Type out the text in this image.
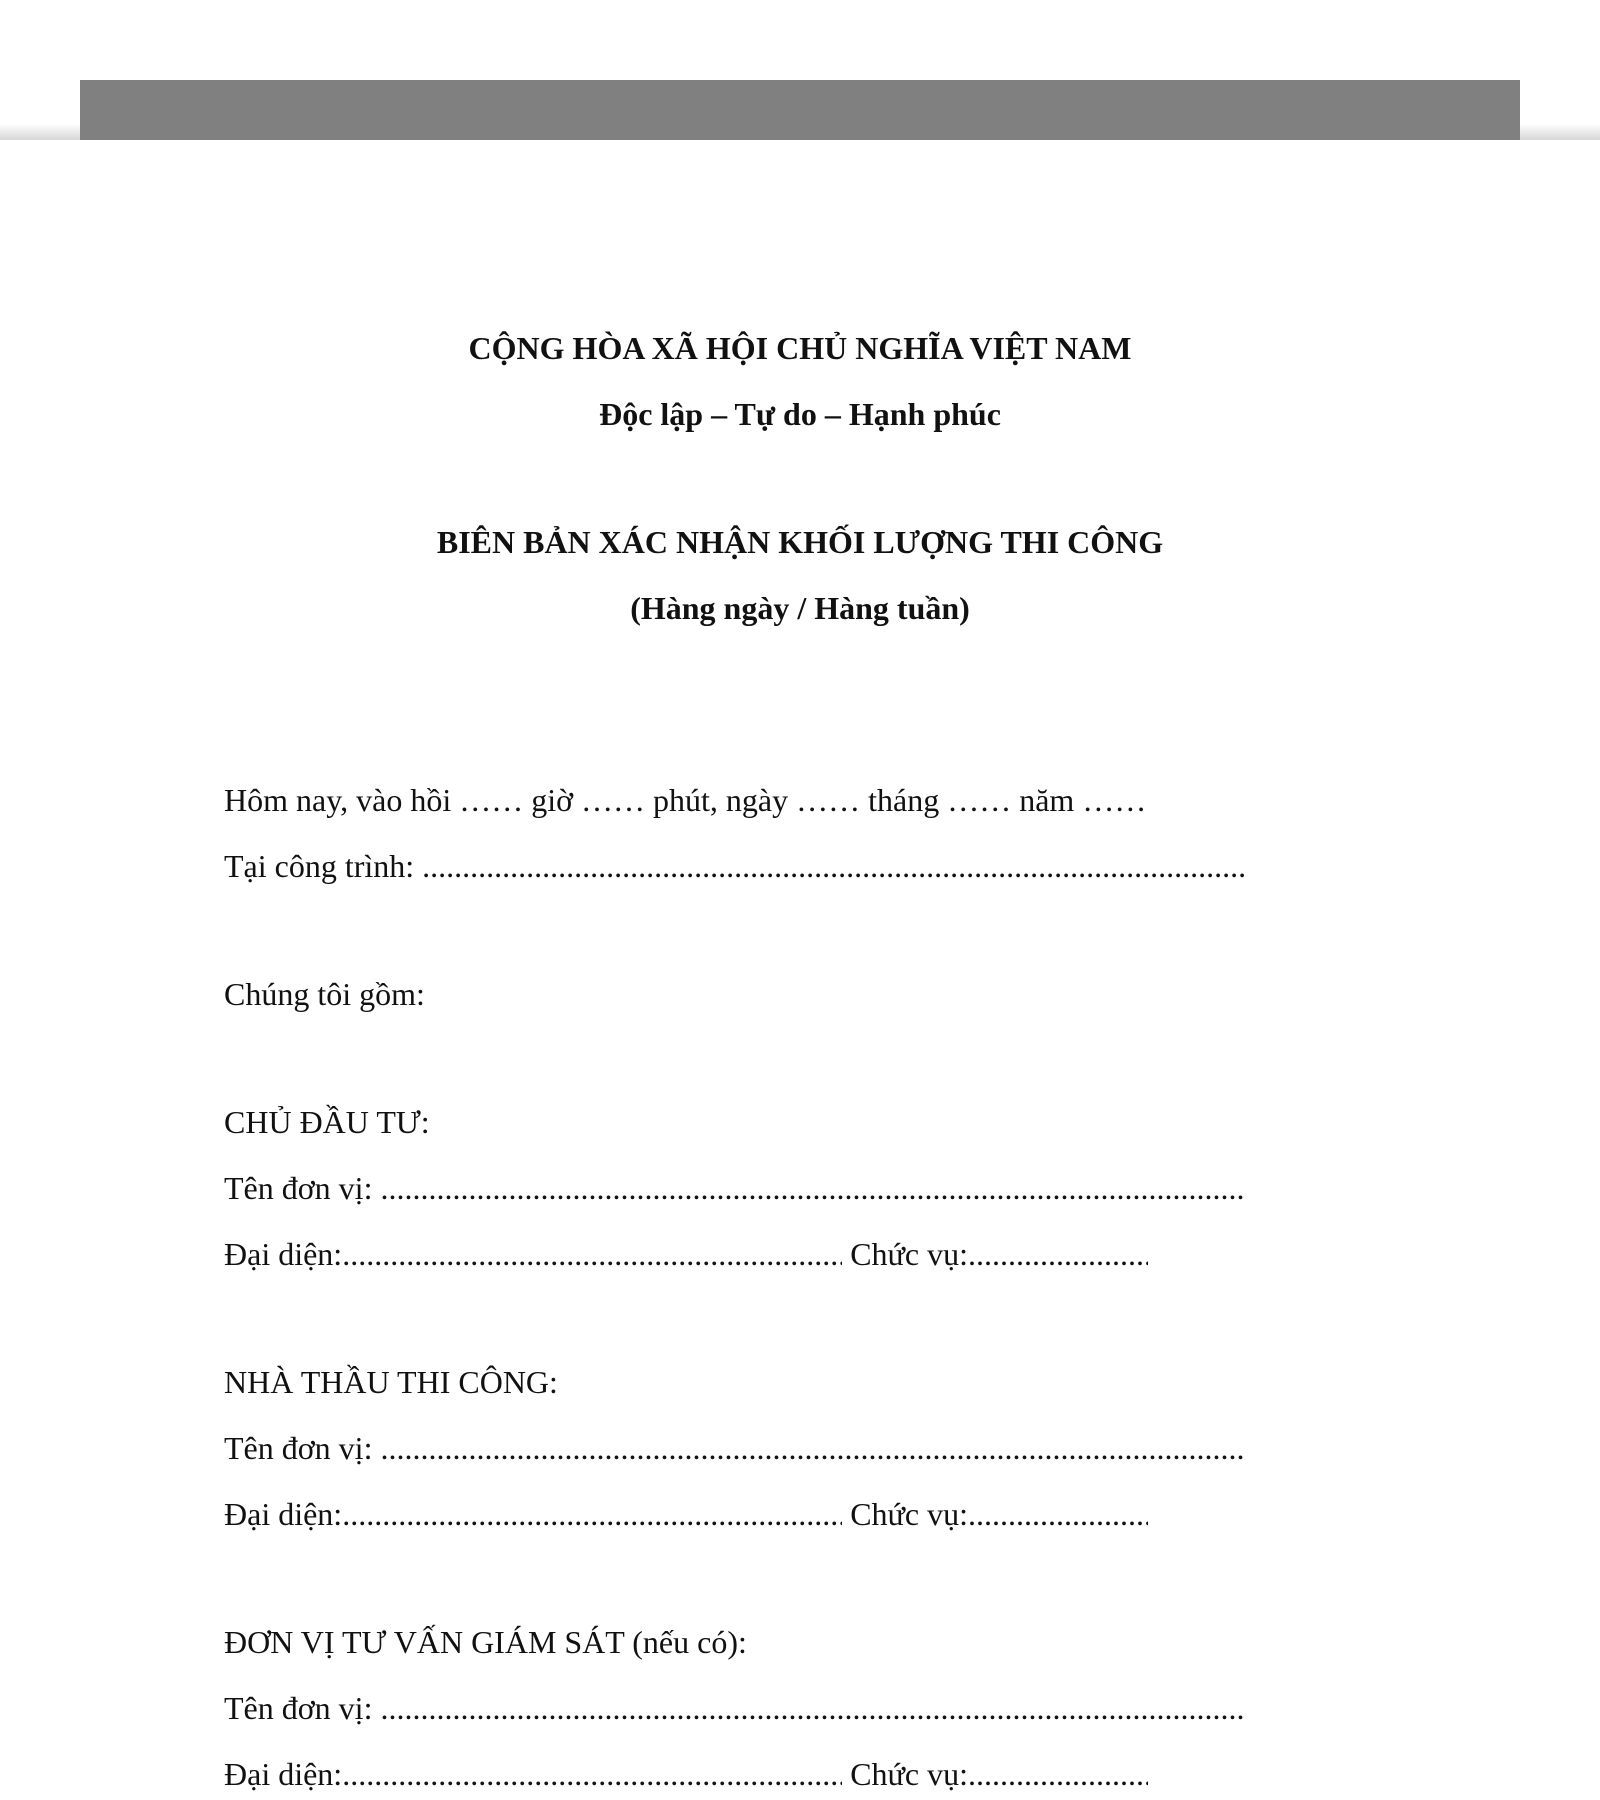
CỘNG HÒA XÃ HỘI CHỦ NGHĨA VIỆT NAM
Độc lập – Tự do – Hạnh phúc
BIÊN BẢN XÁC NHẬN KHỐI LƯỢNG THI CÔNG
(Hàng ngày / Hàng tuần)
Hôm nay, vào hồi …… giờ …… phút, ngày …… tháng …… năm ……
Tại công trình: .....
Chúng tôi gồm:
CHỦ ĐẦU TƯ:
Tên đơn vị: .....
Đại diện: .....	Chức vụ:.....
NHÀ THẦU THI CÔNG:
Tên đơn vị: .....
Đại diện: .....	Chức vụ:.....
ĐƠN VỊ TƯ VẤN GIÁM SÁT (nếu có):
Tên đơn vị: .....
Đại diện: .....	Chức vụ:.....
